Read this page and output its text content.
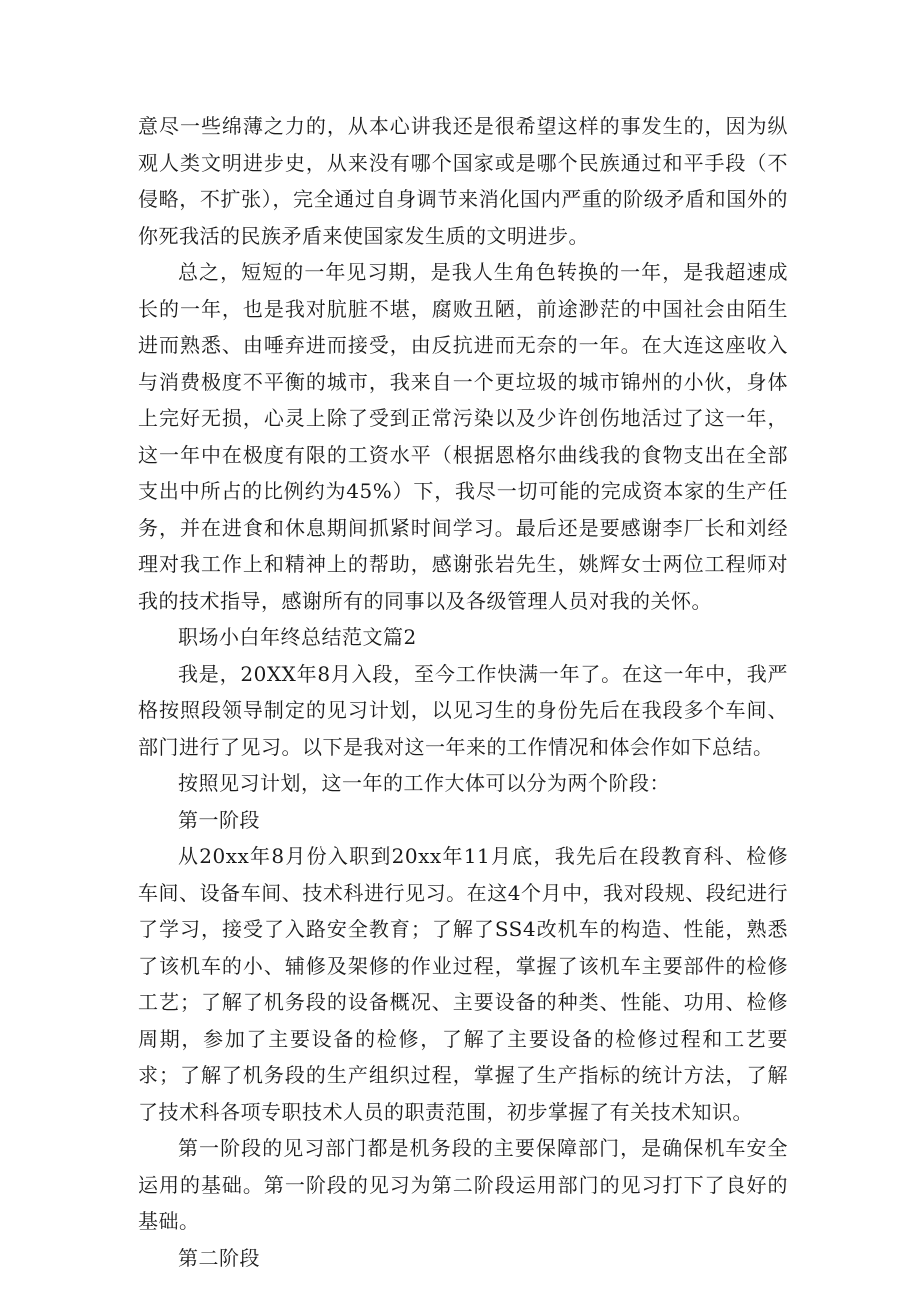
意尽一些绵薄之力的，从本心讲我还是很希望这样的事发生的，因为纵观人类文明进步史，从来没有哪个国家或是哪个民族通过和平手段（不侵略，不扩张），完全通过自身调节来消化国内严重的阶级矛盾和国外的你死我活的民族矛盾来使国家发生质的文明进步。

总之，短短的一年见习期，是我人生角色转换的一年，是我超速成长的一年，也是我对肮脏不堪，腐败丑陋，前途渺茫的中国社会由陌生进而熟悉、由唾弃进而接受，由反抗进而无奈的一年。在大连这座收入与消费极度不平衡的城市，我来自一个更垃圾的城市锦州的小伙，身体上完好无损，心灵上除了受到正常污染以及少许创伤地活过了这一年，这一年中在极度有限的工资水平（根据恩格尔曲线我的食物支出在全部支出中所占的比例约为45%）下，我尽一切可能的完成资本家的生产任务，并在进食和休息期间抓紧时间学习。最后还是要感谢李厂长和刘经理对我工作上和精神上的帮助，感谢张岩先生，姚辉女士两位工程师对我的技术指导，感谢所有的同事以及各级管理人员对我的关怀。

职场小白年终总结范文篇2

我是，20XX年8月入段，至今工作快满一年了。在这一年中，我严格按照段领导制定的见习计划，以见习生的身份先后在我段多个车间、部门进行了见习。以下是我对这一年来的工作情况和体会作如下总结。

按照见习计划，这一年的工作大体可以分为两个阶段：

第一阶段

从20xx年8月份入职到20xx年11月底，我先后在段教育科、检修车间、设备车间、技术科进行见习。在这4个月中，我对段规、段纪进行了学习，接受了入路安全教育；了解了SS4改机车的构造、性能，熟悉了该机车的小、辅修及架修的作业过程，掌握了该机车主要部件的检修工艺；了解了机务段的设备概况、主要设备的种类、性能、功用、检修周期，参加了主要设备的检修，了解了主要设备的检修过程和工艺要求；了解了机务段的生产组织过程，掌握了生产指标的统计方法，了解了技术科各项专职技术人员的职责范围，初步掌握了有关技术知识。

第一阶段的见习部门都是机务段的主要保障部门，是确保机车安全运用的基础。第一阶段的见习为第二阶段运用部门的见习打下了良好的基础。

第二阶段
